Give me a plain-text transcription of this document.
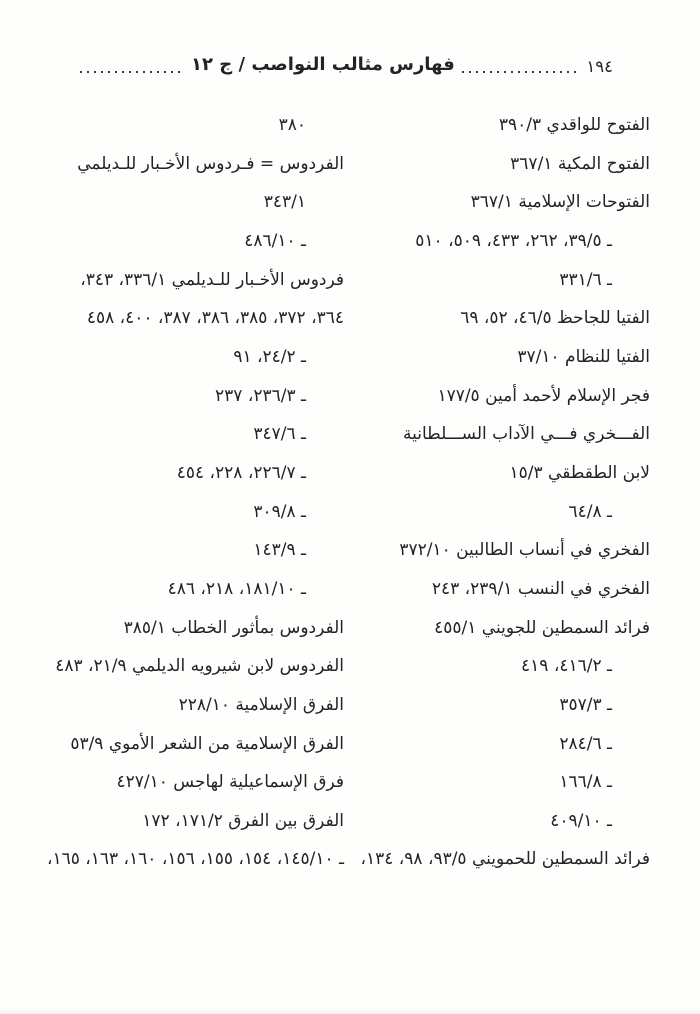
فهارس مثالب النواصب / ج ١٢	١٩٤
الفتوح للواقدي ٣٩٠/٣
الفتوح المكية ٣٦٧/١
الفتوحات الإسلامية ٣٦٧/١
ـ ٣٩/٥، ٢٦٢، ٤٣٣، ٥٠٩، ٥١٠
ـ ٣٣١/٦
الفتيا للجاحظ ٤٦/٥، ٥٢، ٦٩
الفتيا للنظام ٣٧/١٠
فجر الإسلام لأحمد أمين ١٧٧/٥
الفـــخري فـــي الآداب الســـلطانية
لابن الطقطقي ١٥/٣
ـ ٦٤/٨
الفخري في أنساب الطالبين ٣٧٢/١٠
الفخري في النسب ٢٣٩/١، ٢٤٣
فرائد السمطين للجويني ٤٥٥/١
ـ ٤١٦/٢، ٤١٩
ـ ٣٥٧/٣
ـ ٢٨٤/٦
ـ ١٦٦/٨
ـ ٤٠٩/١٠
فرائد السمطين للحمويني ٩٣/٥، ٩٨، ١٣٤،
٣٨٠
الفردوس = فـردوس الأخـبار للـديلمي
٣٤٣/١
ـ ٤٨٦/١٠
فردوس الأخـبار للـديلمي ٣٣٦/١، ٣٤٣،
٣٦٤، ٣٧٢، ٣٨٥، ٣٨٦، ٣٨٧، ٤٠٠، ٤٥٨
ـ ٢٤/٢، ٩١
ـ ٢٣٦/٣، ٢٣٧
ـ ٣٤٧/٦
ـ ٢٢٦/٧، ٢٢٨، ٤٥٤
ـ ٣٠٩/٨
ـ ١٤٣/٩
ـ ١٨١/١٠، ٢١٨، ٤٨٦
الفردوس بمأثور الخطاب ٣٨٥/١
الفردوس لابن شيرويه الديلمي ٢١/٩، ٤٨٣
الفرق الإسلامية ٢٢٨/١٠
الفرق الإسلامية من الشعر الأموي ٥٣/٩
فرق الإسماعيلية لهاجس ٤٢٧/١٠
الفرق بين الفرق ١٧١/٢، ١٧٢
ـ ١٤٥/١٠، ١٥٤، ١٥٥، ١٥٦، ١٦٠، ١٦٣، ١٦٥،
